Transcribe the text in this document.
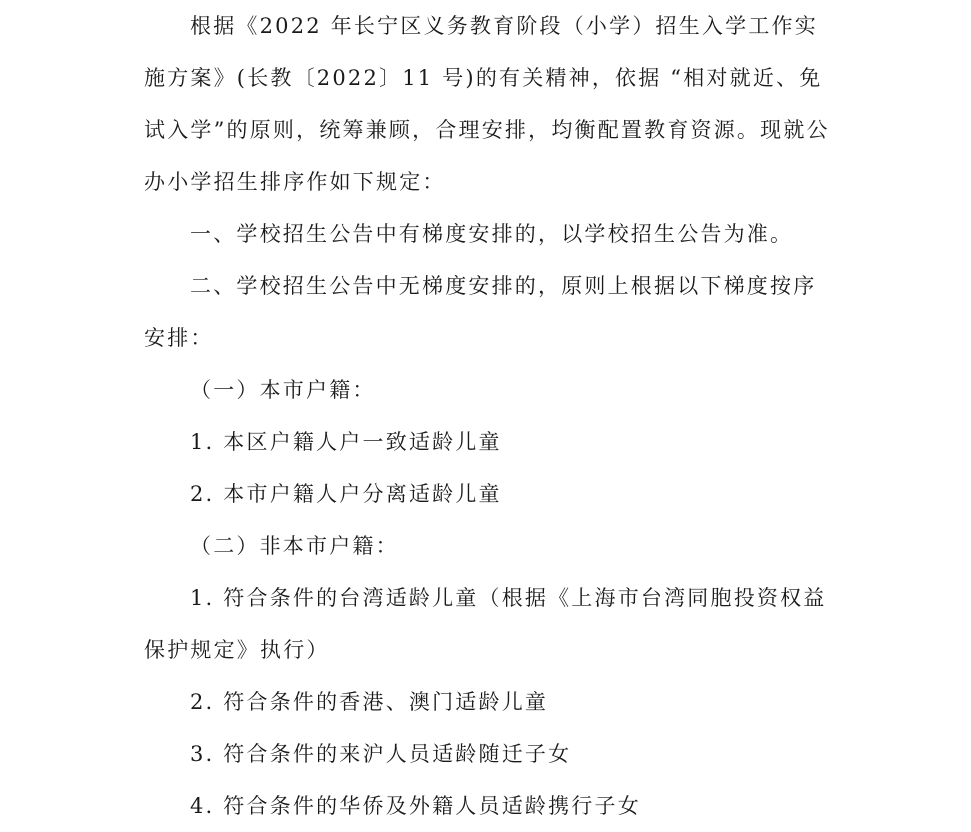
根据《2022 年长宁区义务教育阶段（小学）招生入学工作实施方案》(长教〔2022〕11 号)的有关精神，依据 “相对就近、免试入学”的原则，统筹兼顾，合理安排，均衡配置教育资源。现就公办小学招生排序作如下规定：

一、学校招生公告中有梯度安排的，以学校招生公告为准。

二、学校招生公告中无梯度安排的，原则上根据以下梯度按序安排：

（一）本市户籍：

1. 本区户籍人户一致适龄儿童

2. 本市户籍人户分离适龄儿童

（二）非本市户籍：

1. 符合条件的台湾适龄儿童（根据《上海市台湾同胞投资权益保护规定》执行）

2. 符合条件的香港、澳门适龄儿童

3. 符合条件的来沪人员适龄随迁子女

4. 符合条件的华侨及外籍人员适龄携行子女
